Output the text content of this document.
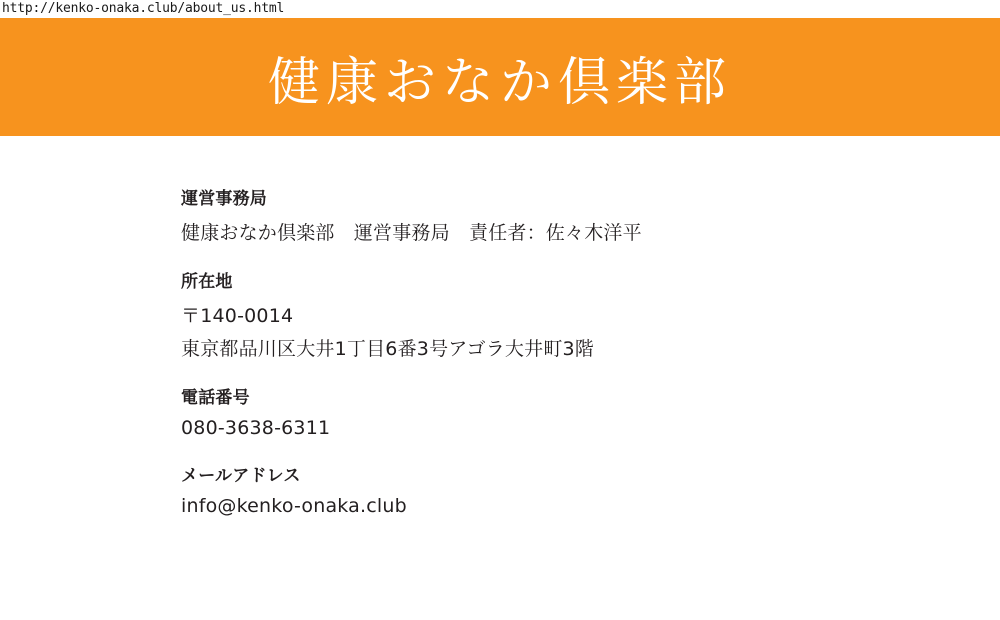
http://kenko-onaka.club/about_us.html
健康おなか倶楽部
運営事務局
健康おなか倶楽部　運営事務局　責任者：佐々木洋平
所在地
〒140-0014
東京都品川区大井1丁目6番3号アゴラ大井町3階
電話番号
080-3638-6311
メールアドレス
info@kenko-onaka.club
